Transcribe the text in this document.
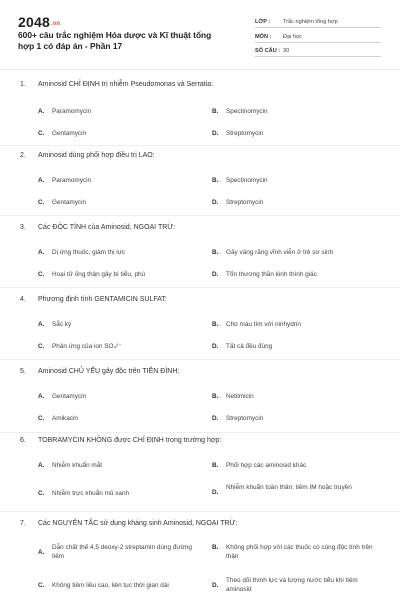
2048.vn
600+ câu trắc nghiệm Hóa dược và Kĩ thuật tổng hợp 1 có đáp án - Phần 17
LỚP : Trắc nghiệm tổng hợp
MÔN : Đại học
SỐ CÂU : 30
1. Aminosid CHỈ ĐỊNH trị nhiễm Pseudomonas và Serratia:
A. Paramomycin	B. Spectinomycin
C. Gentamycin	D. Streptomycin
2. Aminosid dùng phối hợp điều trị LAO:
A. Paramomycin	B. Spectinomycin
C. Gentamycin	D. Streptomycin
3. Các ĐỘC TÍNH của Aminosid, NGOẠI TRỪ:
A. Dị ứng thuốc, giảm thị lực	B. Gây vàng răng vĩnh viễn ở trẻ sơ sinh
C. Hoại tử ống thận gây bí tiểu, phù	D. Tổn thương thần kinh thính giác
4. Phương định tính GENTAMICIN SULFAT:
A. Sắc ký	B. Cho màu tím với ninhydrin
C. Phản ứng của ion SO₄²⁻	D. Tất cả đều đúng
5. Aminosid CHỦ YẾU gây độc trên TIỀN ĐÌNH:
A. Gentamycin	B. Netilmicin
C. Amikacin	D. Streptomycin
6. TOBRAMYCIN KHÔNG được CHỈ ĐỊNH trong trường hợp:
A. Nhiễm khuẩn mắt	B. Phối hợp các aminosid khác
C. Nhiễm trực khuẩn mủ xanh	D.
Nhiễm khuẩn toàn thân: tiêm IM hoặc truyền
7. Các NGUYÊN TẮC sử dụng kháng sinh Aminosid, NGOẠI TRỪ:
A.
Dẫn chất thế 4,5 deoxy-2 streptamin dùng đường tiêm
B. Không phối hợp với các thuốc có cùng độc tính trên thận
C. Không tiêm liều cao, liên tục thời gian dài	D.
Theo dõi thính lực và lượng nước tiểu khi tiêm aminosid
